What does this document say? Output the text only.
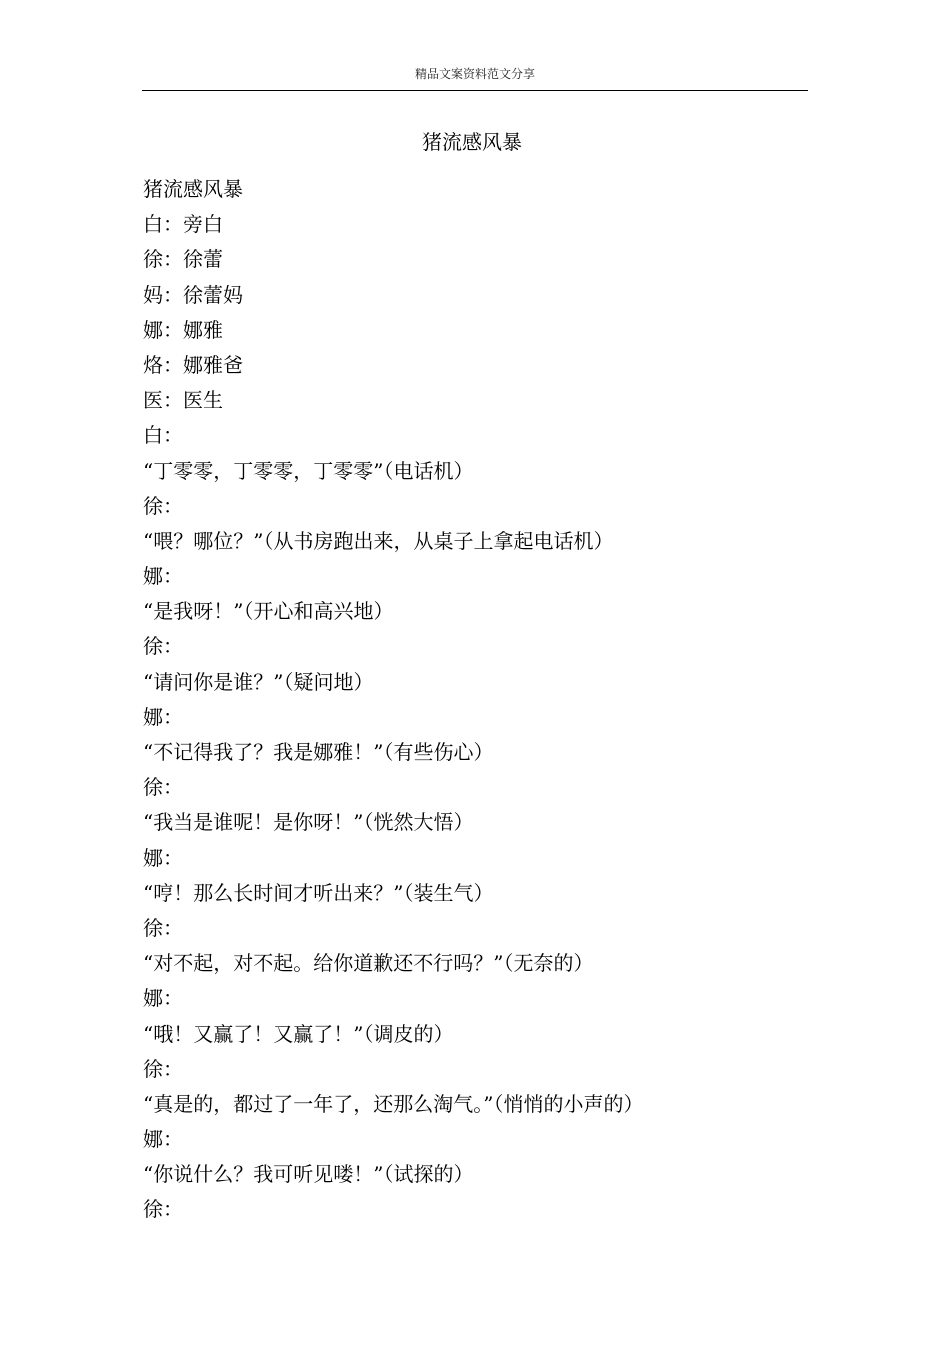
精品文案资料范文分享
猪流感风暴
猪流感风暴
白：旁白
徐：徐蕾
妈：徐蕾妈
娜：娜雅
烙：娜雅爸
医：医生
白：
“丁零零，丁零零，丁零零”（电话机）
徐：
“喂？哪位？”（从书房跑出来，从桌子上拿起电话机）
娜：
“是我呀！”（开心和高兴地）
徐：
“请问你是谁？”（疑问地）
娜：
“不记得我了？我是娜雅！”（有些伤心）
徐：
“我当是谁呢！是你呀！”（恍然大悟）
娜：
“哼！那么长时间才听出来？”（装生气）
徐：
“对不起，对不起。给你道歉还不行吗？”（无奈的）
娜：
“哦！又赢了！又赢了！”（调皮的）
徐：
“真是的，都过了一年了，还那么淘气。”（悄悄的小声的）
娜：
“你说什么？我可听见喽！”（试探的）
徐：
